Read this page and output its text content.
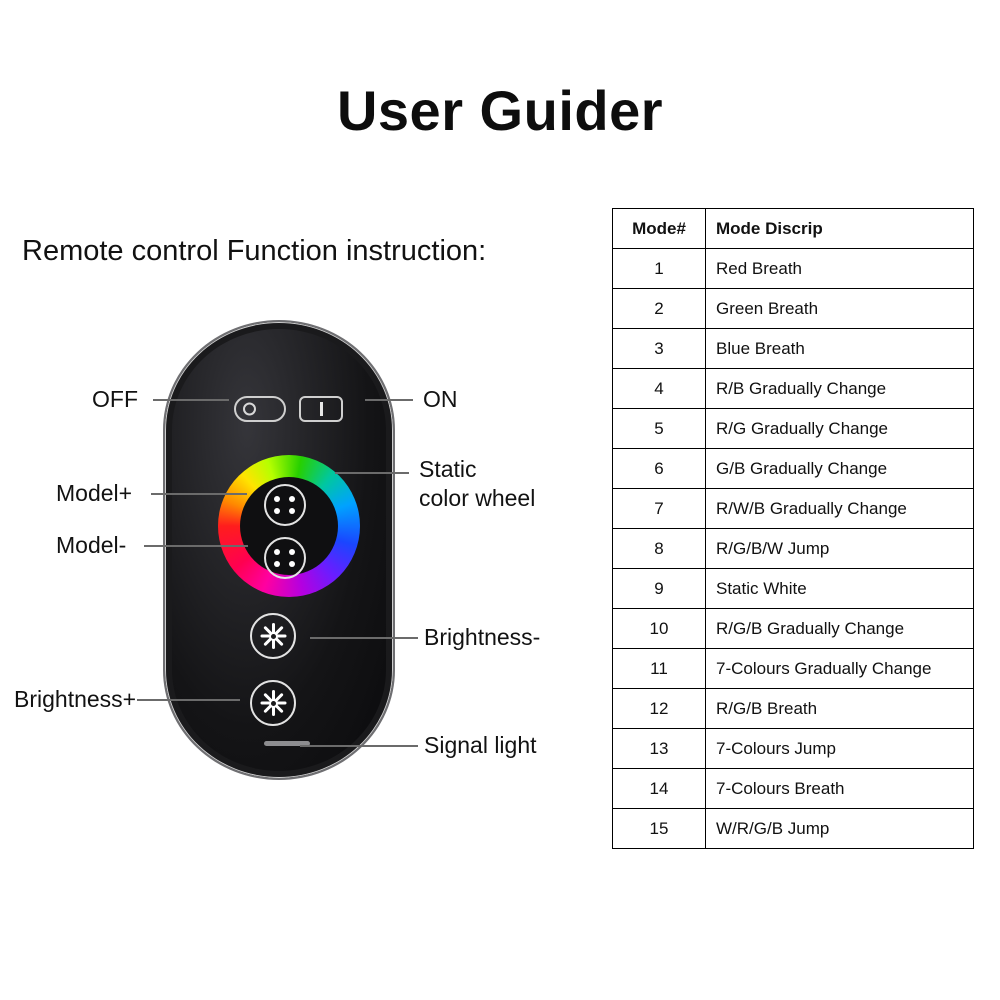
User Guider
Remote control Function instruction:
OFF	ON
Model+
Model-
Static
color wheel
Brightness-
Brightness+
Signal light
Mode#	Mode Discrip
1	Red Breath
2	Green Breath
3	Blue Breath
4	R/B Gradually Change
5	R/G Gradually Change
6	G/B Gradually Change
7	R/W/B Gradually Change
8	R/G/B/W Jump
9	Static White
10	R/G/B Gradually Change
11	7-Colours Gradually Change
12	R/G/B Breath
13	7-Colours Jump
14	7-Colours Breath
15	W/R/G/B Jump
